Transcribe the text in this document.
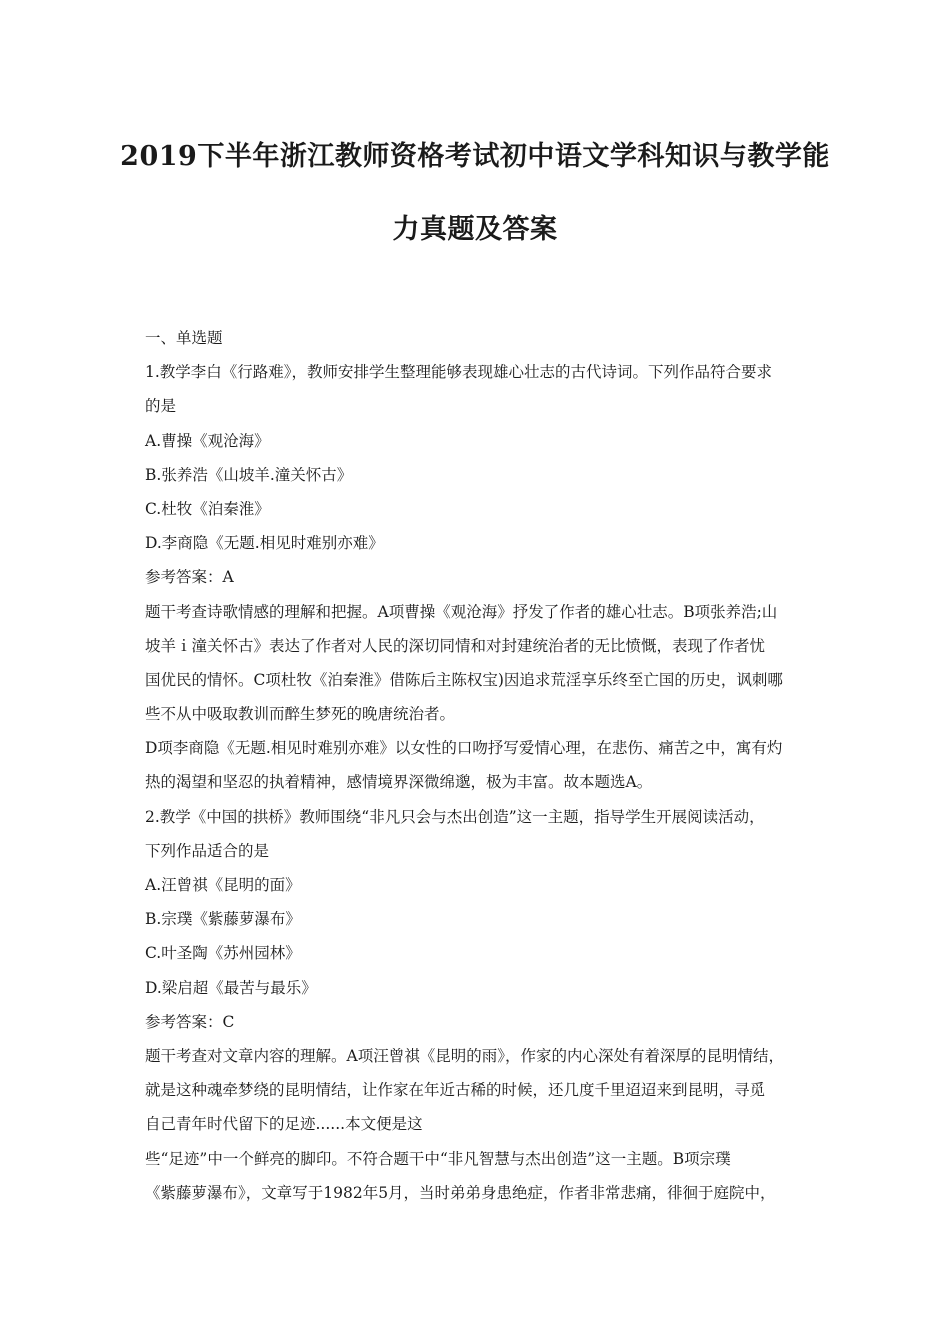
2019下半年浙江教师资格考试初中语文学科知识与教学能
力真题及答案
一、单选题
1.教学李白《行路难》，教师安排学生整理能够表现雄心壮志的古代诗词。下列作品符合要求
的是
A.曹操《观沧海》
B.张养浩《山坡羊.潼关怀古》
C.杜牧《泊秦淮》
D.李商隐《无题.相见时难别亦难》
参考答案：A
题干考查诗歌情感的理解和把握。A项曹操《观沧海》抒发了作者的雄心壮志。B项张养浩;山
坡羊ｉ潼关怀古》表达了作者对人民的深切同情和对封建统治者的无比愤慨，表现了作者忧
国优民的情怀。C项杜牧《泊秦淮》借陈后主陈权宝)因追求荒淫享乐终至亡国的历史，讽刺哪
些不从中吸取教训而醉生梦死的晚唐统治者。
D项李商隐《无题.相见时难别亦难》以女性的口吻抒写爱情心理，在悲伤、痛苦之中，寓有灼
热的渴望和坚忍的执着精神，感情境界深微绵邈，极为丰富。故本题选A。
2.教学《中国的拱桥》教师围绕“非凡只会与杰出创造”这一主题，指导学生开展阅读活动，
下列作品适合的是
A.汪曾祺《昆明的面》
B.宗璞《紫藤萝瀑布》
C.叶圣陶《苏州园林》
D.梁启超《最苦与最乐》
参考答案：C
题干考查对文章内容的理解。A项汪曾祺《昆明的雨》，作家的内心深处有着深厚的昆明情结，
就是这种魂牵梦绕的昆明情结，让作家在年近古稀的时候，还几度千里迢迢来到昆明，寻觅
自己青年时代留下的足迹......本文便是这
些“足迹”中一个鲜亮的脚印。不符合题干中“非凡智慧与杰出创造”这一主题。B项宗璞
《紫藤萝瀑布》，文章写于1982年5月，当时弟弟身患绝症，作者非常悲痛，徘徊于庭院中，
